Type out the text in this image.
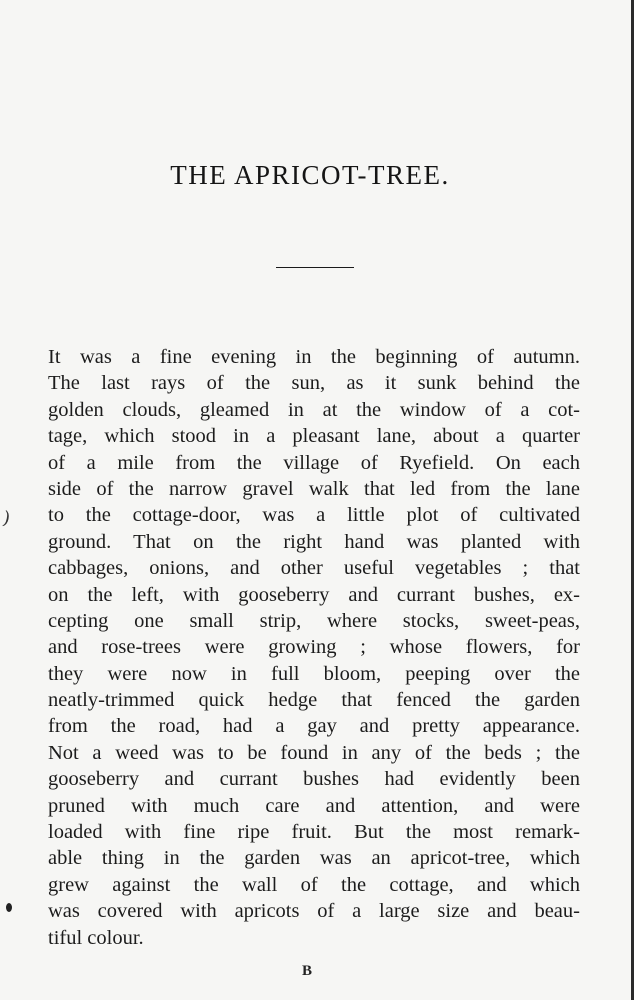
THE APRICOT-TREE.
It was a fine evening in the beginning of autumn.
The last rays of the sun, as it sunk behind the
golden clouds, gleamed in at the window of a cot-
tage, which stood in a pleasant lane, about a quarter
of a mile from the village of Ryefield. On each
side of the narrow gravel walk that led from the lane
to the cottage-door, was a little plot of cultivated
ground. That on the right hand was planted with
cabbages, onions, and other useful vegetables ; that
on the left, with gooseberry and currant bushes, ex-
cepting one small strip, where stocks, sweet-peas,
and rose-trees were growing ; whose flowers, for
they were now in full bloom, peeping over the
neatly-trimmed quick hedge that fenced the garden
from the road, had a gay and pretty appearance.
Not a weed was to be found in any of the beds ; the
gooseberry and currant bushes had evidently been
pruned with much care and attention, and were
loaded with fine ripe fruit. But the most remark-
able thing in the garden was an apricot-tree, which
grew against the wall of the cottage, and which
was covered with apricots of a large size and beau-
tiful colour.
B
)
